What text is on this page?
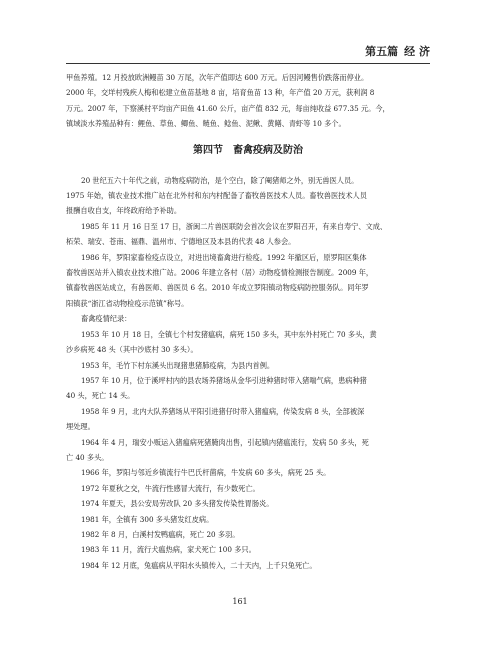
第五篇 经 济

甲鱼养殖。12 月投放欧洲鳗苗 30 万尾，次年产值即达 600 万元。后因河鳗售价跌落而停业。

2000 年，交垟村残疾人梅和松建立鱼苗基地 8 亩，培育鱼苗 13 种，年产值 20 万元，获利润 8

万元。2007 年，下察溪村平均亩产田鱼 41.60 公斤，亩产值 832 元，每亩纯收益 677.35 元。今，

镇域淡水养殖品种有：鲤鱼、草鱼、鲫鱼、鲢鱼、鲶鱼、泥鳅、黄鳝、青虾等 10 多个。

第四节　畜禽疫病及防治

20 世纪五六十年代之前，动物疫病防治，是个空白，除了阉猪师之外，别无兽医人员。

1975 年始，镇农业技术推广站在北外村和东内村配备了畜牧兽医技术人员。畜牧兽医技术人员

报酬自收自支，年终政府给予补助。

1985 年 11 月 16 日至 17 日，浙闽二片兽医联防会首次会议在罗阳召开，有来自寿宁、文成、

柘荣、瑞安、苍南、福鼎、温州市、宁德地区及本县的代表 48 人参会。

1986 年，罗阳家畜检疫点设立，对进出境畜禽进行检疫。1992 年撤区后，原罗阳区集体

畜牧兽医站并入镇农业技术推广站。2006 年建立各村（居）动物疫情检测报告制度。2009 年，

镇畜牧兽医站成立，有兽医师、兽医员 6 名。2010 年成立罗阳镇动物疫病防控服务队。同年罗

阳镇获“浙江省动物检疫示范镇”称号。

畜禽疫情纪录：

1953 年 10 月 18 日，全镇七个村发猪瘟病，病死 150 多头，其中东外村死亡 70 多头，黄

沙乡病死 48 头（其中沙底村 30 多头）。

1953 年，毛竹下村东溪头出现猪患猪肺疫病，为县内首例。

1957 年 10 月，位于溪坪村内的县农场养猪场从金华引进种猪时带入猪喘气病，患病种猪

40 头，死亡 14 头。

1958 年 9 月，北内大队养猪场从平阳引进猪仔时带入猪瘟病，传染发病 8 头，全部被深

埋处理。

1964 年 4 月，瑞安小贩运入猪瘟病死猪腌肉出售，引起镇内猪瘟流行，发病 50 多头，死

亡 40 多头。

1966 年，罗阳与邻近乡镇流行牛巴氏杆菌病，牛发病 60 多头，病死 25 头。

1972 年夏秋之交，牛流行性感冒大流行，有少数死亡。

1974 年夏天，县公安局劳改队 20 多头猪发传染性胃肠炎。

1981 年，全镇有 300 多头猪发红皮病。

1982 年 8 月，白溪村发鸭瘟病，死亡 20 多羽。

1983 年 11 月，流行犬瘟热病，家犬死亡 100 多只。

1984 年 12 月底，兔瘟病从平阳水头镇传入，二十天内，上千只兔死亡。

161
